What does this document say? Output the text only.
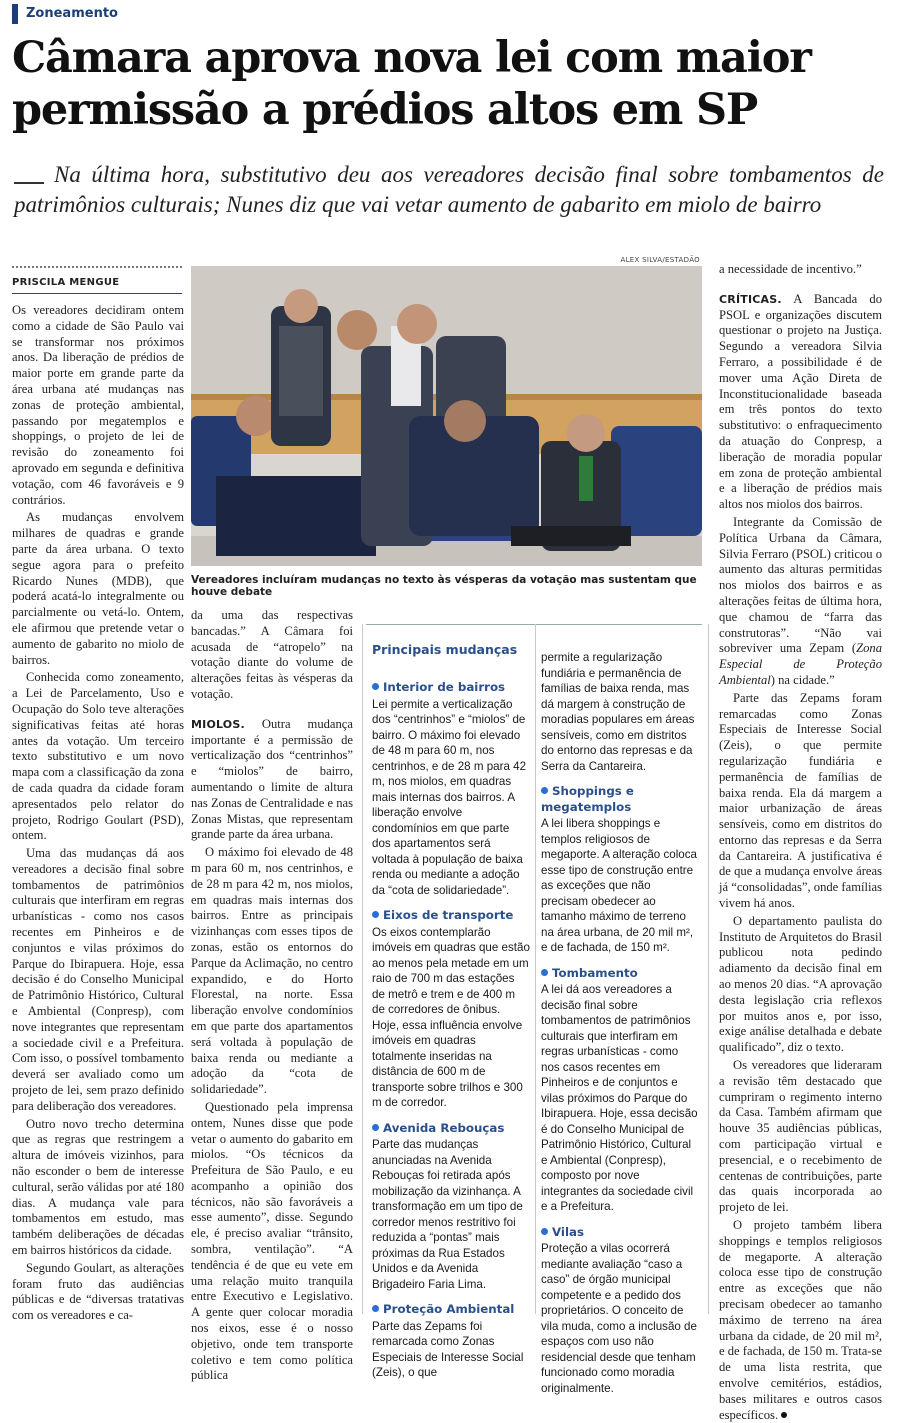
Zoneamento
Câmara aprova nova lei com maior permissão a prédios altos em SP

Na última hora, substitutivo deu aos vereadores decisão final sobre tombamentos de patrimônios culturais; Nunes diz que vai vetar aumento de gabarito em miolo de bairro

PRISCILA MENGUE

Os vereadores decidiram ontem como a cidade de São Paulo vai se transformar nos próximos anos. Da liberação de prédios de maior porte em grande parte da área urbana até mudanças nas zonas de proteção ambiental, passando por megatemplos e shoppings, o projeto de lei de revisão do zoneamento foi aprovado em segunda e definitiva votação, com 46 favoráveis e 9 contrários.

As mudanças envolvem milhares de quadras e grande parte da área urbana. O texto segue agora para o prefeito Ricardo Nunes (MDB), que poderá acatá-lo integralmente ou parcialmente ou vetá-lo. Ontem, ele afirmou que pretende vetar o aumento de gabarito no miolo de bairros.

Conhecida como zoneamento, a Lei de Parcelamento, Uso e Ocupação do Solo teve alterações significativas feitas até horas antes da votação. Um terceiro texto substitutivo e um novo mapa com a classificação da zona de cada quadra da cidade foram apresentados pelo relator do projeto, Rodrigo Goulart (PSD), ontem.

Uma das mudanças dá aos vereadores a decisão final sobre tombamentos de patrimônios culturais que interfiram em regras urbanísticas - como nos casos recentes em Pinheiros e de conjuntos e vilas próximos do Parque do Ibirapuera. Hoje, essa decisão é do Conselho Municipal de Patrimônio Histórico, Cultural e Ambiental (Conpresp), com nove integrantes que representam a sociedade civil e a Prefeitura. Com isso, o possível tombamento deverá ser avaliado como um projeto de lei, sem prazo definido para deliberação dos vereadores.

Outro novo trecho determina que as regras que restringem a altura de imóveis vizinhos, para não esconder o bem de interesse cultural, serão válidas por até 180 dias. A mudança vale para tombamentos em estudo, mas também deliberações de décadas em bairros históricos da cidade.

Segundo Goulart, as alterações foram fruto das audiências públicas e de “diversas tratativas com os vereadores e ca-

ALEX SILVA/ESTADÃO
Vereadores incluíram mudanças no texto às vésperas da votação mas sustentam que houve debate

da uma das respectivas bancadas.” A Câmara foi acusada de “atropelo” na votação diante do volume de alterações feitas às vésperas da votação.

MIOLOS. Outra mudança importante é a permissão de verticalização dos “centrinhos” e “miolos” de bairro, aumentando o limite de altura nas Zonas de Centralidade e nas Zonas Mistas, que representam grande parte da área urbana.

O máximo foi elevado de 48 m para 60 m, nos centrinhos, e de 28 m para 42 m, nos miolos, em quadras mais internas dos bairros. Entre as principais vizinhanças com esses tipos de zonas, estão os entornos do Parque da Aclimação, no centro expandido, e do Horto Florestal, na norte. Essa liberação envolve condomínios em que parte dos apartamentos será voltada à população de baixa renda ou mediante a adoção da “cota de solidariedade”.

Questionado pela imprensa ontem, Nunes disse que pode vetar o aumento do gabarito em miolos. “Os técnicos da Prefeitura de São Paulo, e eu acompanho a opinião dos técnicos, não são favoráveis a esse aumento”, disse. Segundo ele, é preciso avaliar “trânsito, sombra, ventilação”. “A tendência é de que eu vete em uma relação muito tranquila entre Executivo e Legislativo. A gente quer colocar moradia nos eixos, esse é o nosso objetivo, onde tem transporte coletivo e tem como política pública

Principais mudanças
Interior de bairros
Lei permite a verticalização dos “centrinhos” e “miolos” de bairro. O máximo foi elevado de 48 m para 60 m, nos centrinhos, e de 28 m para 42 m, nos miolos, em quadras mais internas dos bairros. A liberação envolve condomínios em que parte dos apartamentos será voltada à população de baixa renda ou mediante a adoção da “cota de solidariedade”.
Eixos de transporte
Os eixos contemplarão imóveis em quadras que estão ao menos pela metade em um raio de 700 m das estações de metrô e trem e de 400 m de corredores de ônibus. Hoje, essa influência envolve imóveis em quadras totalmente inseridas na distância de 600 m de transporte sobre trilhos e 300 m de corredor.
Avenida Rebouças
Parte das mudanças anunciadas na Avenida Rebouças foi retirada após mobilização da vizinhança. A transformação em um tipo de corredor menos restritivo foi reduzida a “pontas” mais próximas da Rua Estados Unidos e da Avenida Brigadeiro Faria Lima.
Proteção Ambiental
Parte das Zepams foi remarcada como Zonas Especiais de Interesse Social (Zeis), o que
permite a regularização fundiária e permanência de famílias de baixa renda, mas dá margem à construção de moradias populares em áreas sensíveis, como em distritos do entorno das represas e da Serra da Cantareira.
Shoppings e megatemplos
A lei libera shoppings e templos religiosos de megaporte. A alteração coloca esse tipo de construção entre as exceções que não precisam obedecer ao tamanho máximo de terreno na área urbana, de 20 mil m², e de fachada, de 150 m².
Tombamento
A lei dá aos vereadores a decisão final sobre tombamentos de patrimônios culturais que interfiram em regras urbanísticas - como nos casos recentes em Pinheiros e de conjuntos e vilas próximos do Parque do Ibirapuera. Hoje, essa decisão é do Conselho Municipal de Patrimônio Histórico, Cultural e Ambiental (Conpresp), composto por nove integrantes da sociedade civil e a Prefeitura.
Vilas
Proteção a vilas ocorrerá mediante avaliação “caso a caso” de órgão municipal competente e a pedido dos proprietários. O conceito de vila muda, como a inclusão de espaços com uso não residencial desde que tenham funcionado como moradia originalmente.

a necessidade de incentivo.”

CRÍTICAS. A Bancada do PSOL e organizações discutem questionar o projeto na Justiça. Segundo a vereadora Silvia Ferraro, a possibilidade é de mover uma Ação Direta de Inconstitucionalidade baseada em três pontos do texto substitutivo: o enfraquecimento da atuação do Conpresp, a liberação de moradia popular em zona de proteção ambiental e a liberação de prédios mais altos nos miolos dos bairros.

Integrante da Comissão de Política Urbana da Câmara, Silvia Ferraro (PSOL) criticou o aumento das alturas permitidas nos miolos dos bairros e as alterações feitas de última hora, que chamou de “farra das construtoras”. “Não vai sobreviver uma Zepam (Zona Especial de Proteção Ambiental) na cidade.”

Parte das Zepams foram remarcadas como Zonas Especiais de Interesse Social (Zeis), o que permite regularização fundiária e permanência de famílias de baixa renda. Ela dá margem a maior urbanização de áreas sensíveis, como em distritos do entorno das represas e da Serra da Cantareira. A justificativa é de que a mudança envolve áreas já “consolidadas”, onde famílias vivem há anos.

O departamento paulista do Instituto de Arquitetos do Brasil publicou nota pedindo adiamento da decisão final em ao menos 20 dias. “A aprovação desta legislação cria reflexos por muitos anos e, por isso, exige análise detalhada e debate qualificado”, diz o texto.

Os vereadores que lideraram a revisão têm destacado que cumpriram o regimento interno da Casa. Também afirmam que houve 35 audiências públicas, com participação virtual e presencial, e o recebimento de centenas de contribuições, parte das quais incorporada ao projeto de lei.

O projeto também libera shoppings e templos religiosos de megaporte. A alteração coloca esse tipo de construção entre as exceções que não precisam obedecer ao tamanho máximo de terreno na área urbana da cidade, de 20 mil m², e de fachada, de 150 m. Trata-se de uma lista restrita, que envolve cemitérios, estádios, bases militares e outros casos específicos.
